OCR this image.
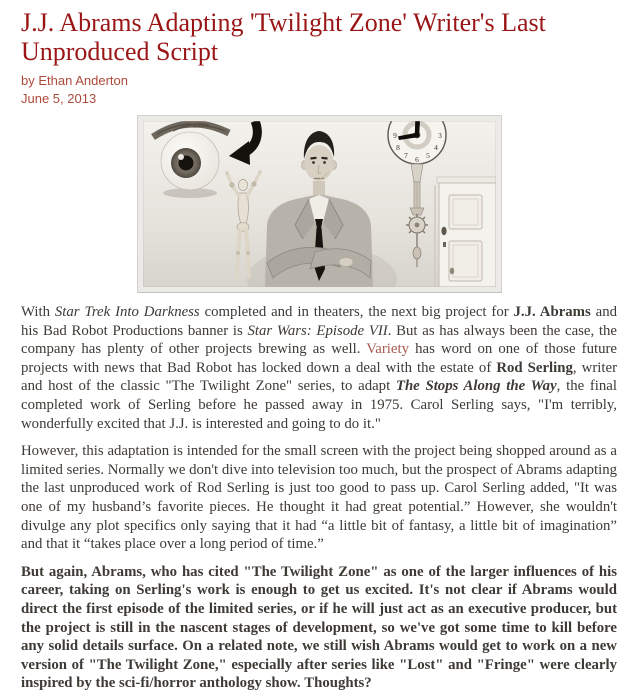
J.J. Abrams Adapting 'Twilight Zone' Writer's Last
Unproduced Script
by Ethan Anderton
June 5, 2013
9	3
4
5
6
7
8

With Star Trek Into Darkness completed and in theaters, the next big project for J.J. Abrams and his Bad Robot Productions banner is Star Wars: Episode VII. But as has always been the case, the company has plenty of other projects brewing as well. Variety has word on one of those future projects with news that Bad Robot has locked down a deal with the estate of Rod Serling, writer and host of the classic "The Twilight Zone" series, to adapt The Stops Along the Way, the final completed work of Serling before he passed away in 1975. Carol Serling says, "I'm terribly, wonderfully excited that J.J. is interested and going to do it."

However, this adaptation is intended for the small screen with the project being shopped around as a limited series. Normally we don't dive into television too much, but the prospect of Abrams adapting the last unproduced work of Rod Serling is just too good to pass up. Carol Serling added, "It was one of my husband’s favorite pieces. He thought it had great potential.” However, she wouldn't divulge any plot specifics only saying that it had “a little bit of fantasy, a little bit of imagination” and that it “takes place over a long period of time.”

But again, Abrams, who has cited "The Twilight Zone" as one of the larger influences of his career, taking on Serling's work is enough to get us excited. It's not clear if Abrams would direct the first episode of the limited series, or if he will just act as an executive producer, but the project is still in the nascent stages of development, so we've got some time to kill before any solid details surface. On a related note, we still wish Abrams would get to work on a new version of "The Twilight Zone," especially after series like "Lost" and "Fringe" were clearly inspired by the sci-fi/horror anthology show. Thoughts?
